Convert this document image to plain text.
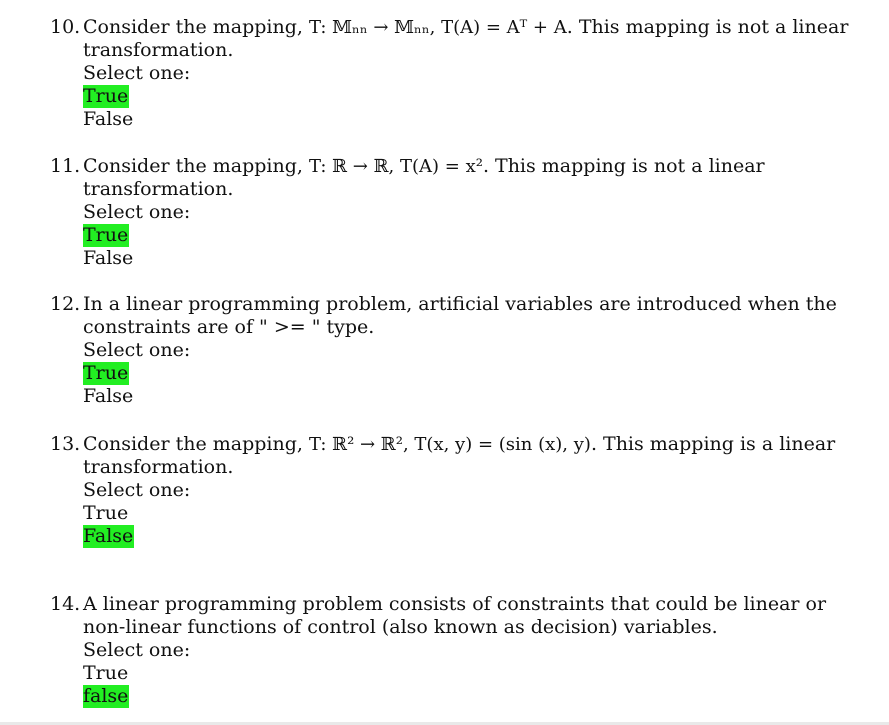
10. Consider the mapping, T: 𝕄ₙₙ → 𝕄ₙₙ, T(A) = Aᵀ + A. This mapping is not a linear transformation.
Select one:
True
False
11. Consider the mapping, T: ℝ → ℝ, T(A) = x². This mapping is not a linear transformation.
Select one:
True
False
12. In a linear programming problem, artificial variables are introduced when the constraints are of " >= " type.
Select one:
True
False
13. Consider the mapping, T: ℝ² → ℝ², T(x, y) = (sin (x), y). This mapping is a linear transformation.
Select one:
True
False
14. A linear programming problem consists of constraints that could be linear or non-linear functions of control (also known as decision) variables.
Select one:
True
false
